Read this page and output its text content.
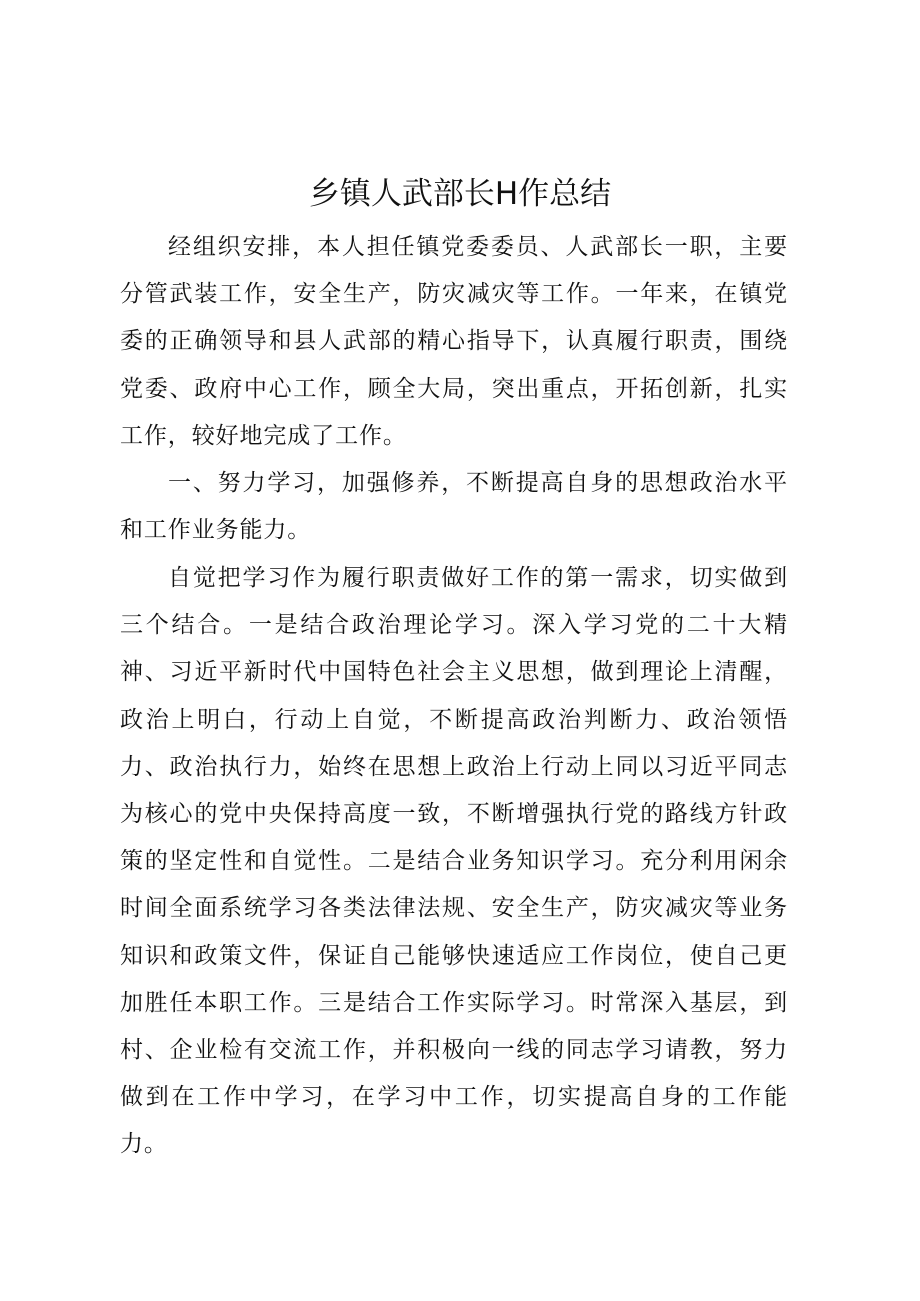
乡镇人武部长H作总结

经组织安排，本人担任镇党委委员、人武部长一职，主要分管武装工作，安全生产，防灾减灾等工作。一年来，在镇党委的正确领导和县人武部的精心指导下，认真履行职责，围绕党委、政府中心工作，顾全大局，突出重点，开拓创新，扎实工作，较好地完成了工作。

一、努力学习，加强修养，不断提高自身的思想政治水平和工作业务能力。

自觉把学习作为履行职责做好工作的第一需求，切实做到三个结合。一是结合政治理论学习。深入学习党的二十大精神、习近平新时代中国特色社会主义思想，做到理论上清醒，政治上明白，行动上自觉，不断提高政治判断力、政治领悟力、政治执行力，始终在思想上政治上行动上同以习近平同志为核心的党中央保持高度一致，不断增强执行党的路线方针政策的坚定性和自觉性。二是结合业务知识学习。充分利用闲余时间全面系统学习各类法律法规、安全生产，防灾减灾等业务知识和政策文件，保证自己能够快速适应工作岗位，使自己更加胜任本职工作。三是结合工作实际学习。时常深入基层，到村、企业检有交流工作，并积极向一线的同志学习请教，努力做到在工作中学习，在学习中工作，切实提高自身的工作能力。
